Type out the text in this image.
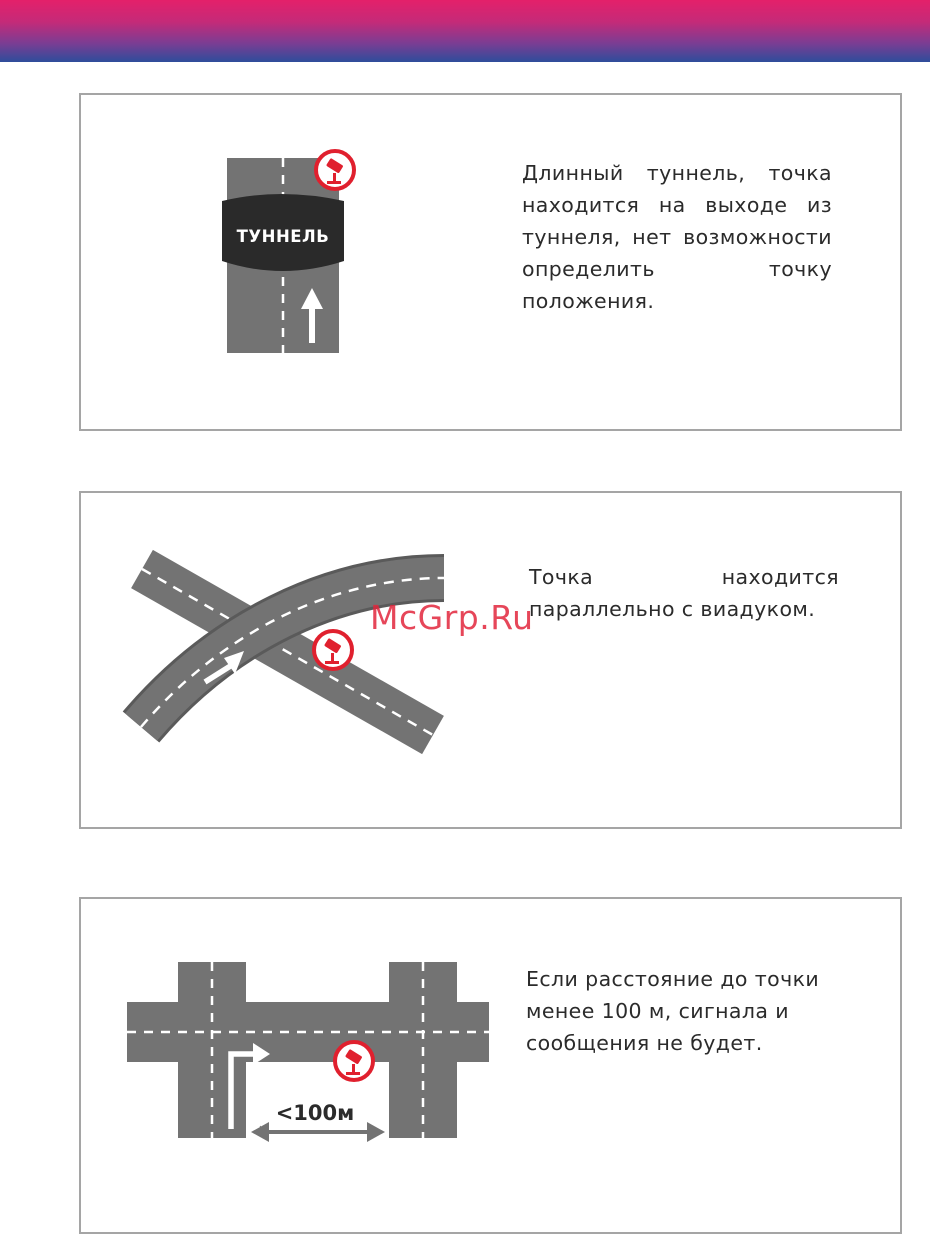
ТУННЕЛЬ

Длинный туннель, точка находится на выходе из туннеля, нет возможности определить точку положения.

Точка находится параллельно с виадуком.

<100м

Если расстояние до точки менее 100 м, сигнала и сообщения не будет.

McGrp.Ru
